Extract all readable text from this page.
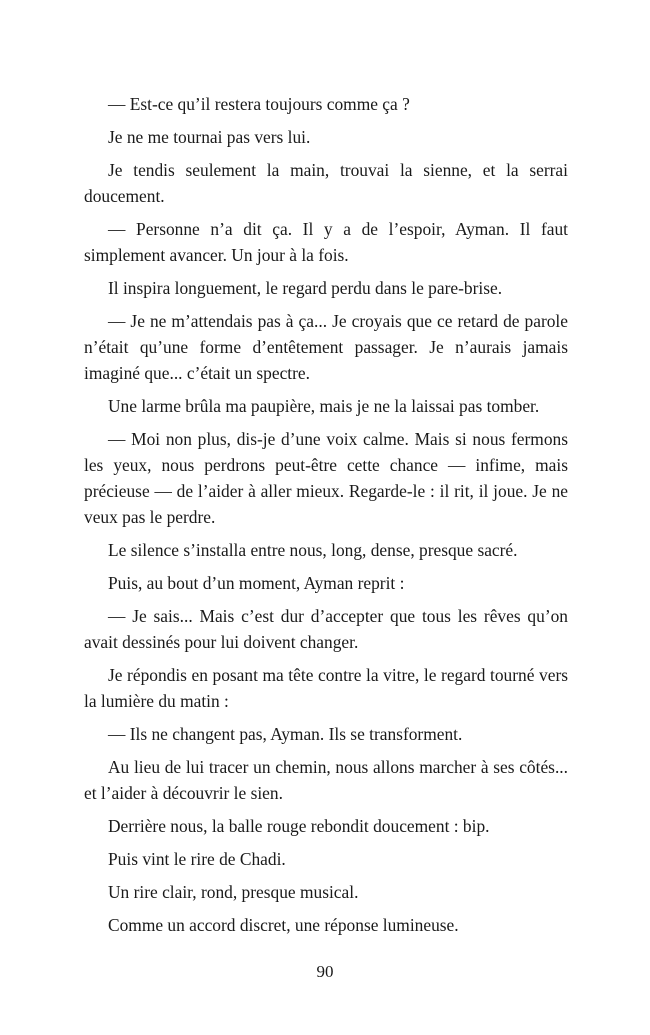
— Est-ce qu’il restera toujours comme ça ?

Je ne me tournai pas vers lui.

Je tendis seulement la main, trouvai la sienne, et la serrai doucement.

— Personne n’a dit ça. Il y a de l’espoir, Ayman. Il faut simplement avancer. Un jour à la fois.

Il inspira longuement, le regard perdu dans le pare-brise.

— Je ne m’attendais pas à ça... Je croyais que ce retard de parole n’était qu’une forme d’entêtement passager. Je n’aurais jamais imaginé que... c’était un spectre.

Une larme brûla ma paupière, mais je ne la laissai pas tomber.

— Moi non plus, dis-je d’une voix calme. Mais si nous fermons les yeux, nous perdrons peut-être cette chance — infime, mais précieuse — de l’aider à aller mieux. Regarde-le : il rit, il joue. Je ne veux pas le perdre.

Le silence s’installa entre nous, long, dense, presque sacré.

Puis, au bout d’un moment, Ayman reprit :

— Je sais... Mais c’est dur d’accepter que tous les rêves qu’on avait dessinés pour lui doivent changer.

Je répondis en posant ma tête contre la vitre, le regard tourné vers la lumière du matin :

— Ils ne changent pas, Ayman. Ils se transforment.

Au lieu de lui tracer un chemin, nous allons marcher à ses côtés... et l’aider à découvrir le sien.

Derrière nous, la balle rouge rebondit doucement : bip.

Puis vint le rire de Chadi.

Un rire clair, rond, presque musical.

Comme un accord discret, une réponse lumineuse.

90
